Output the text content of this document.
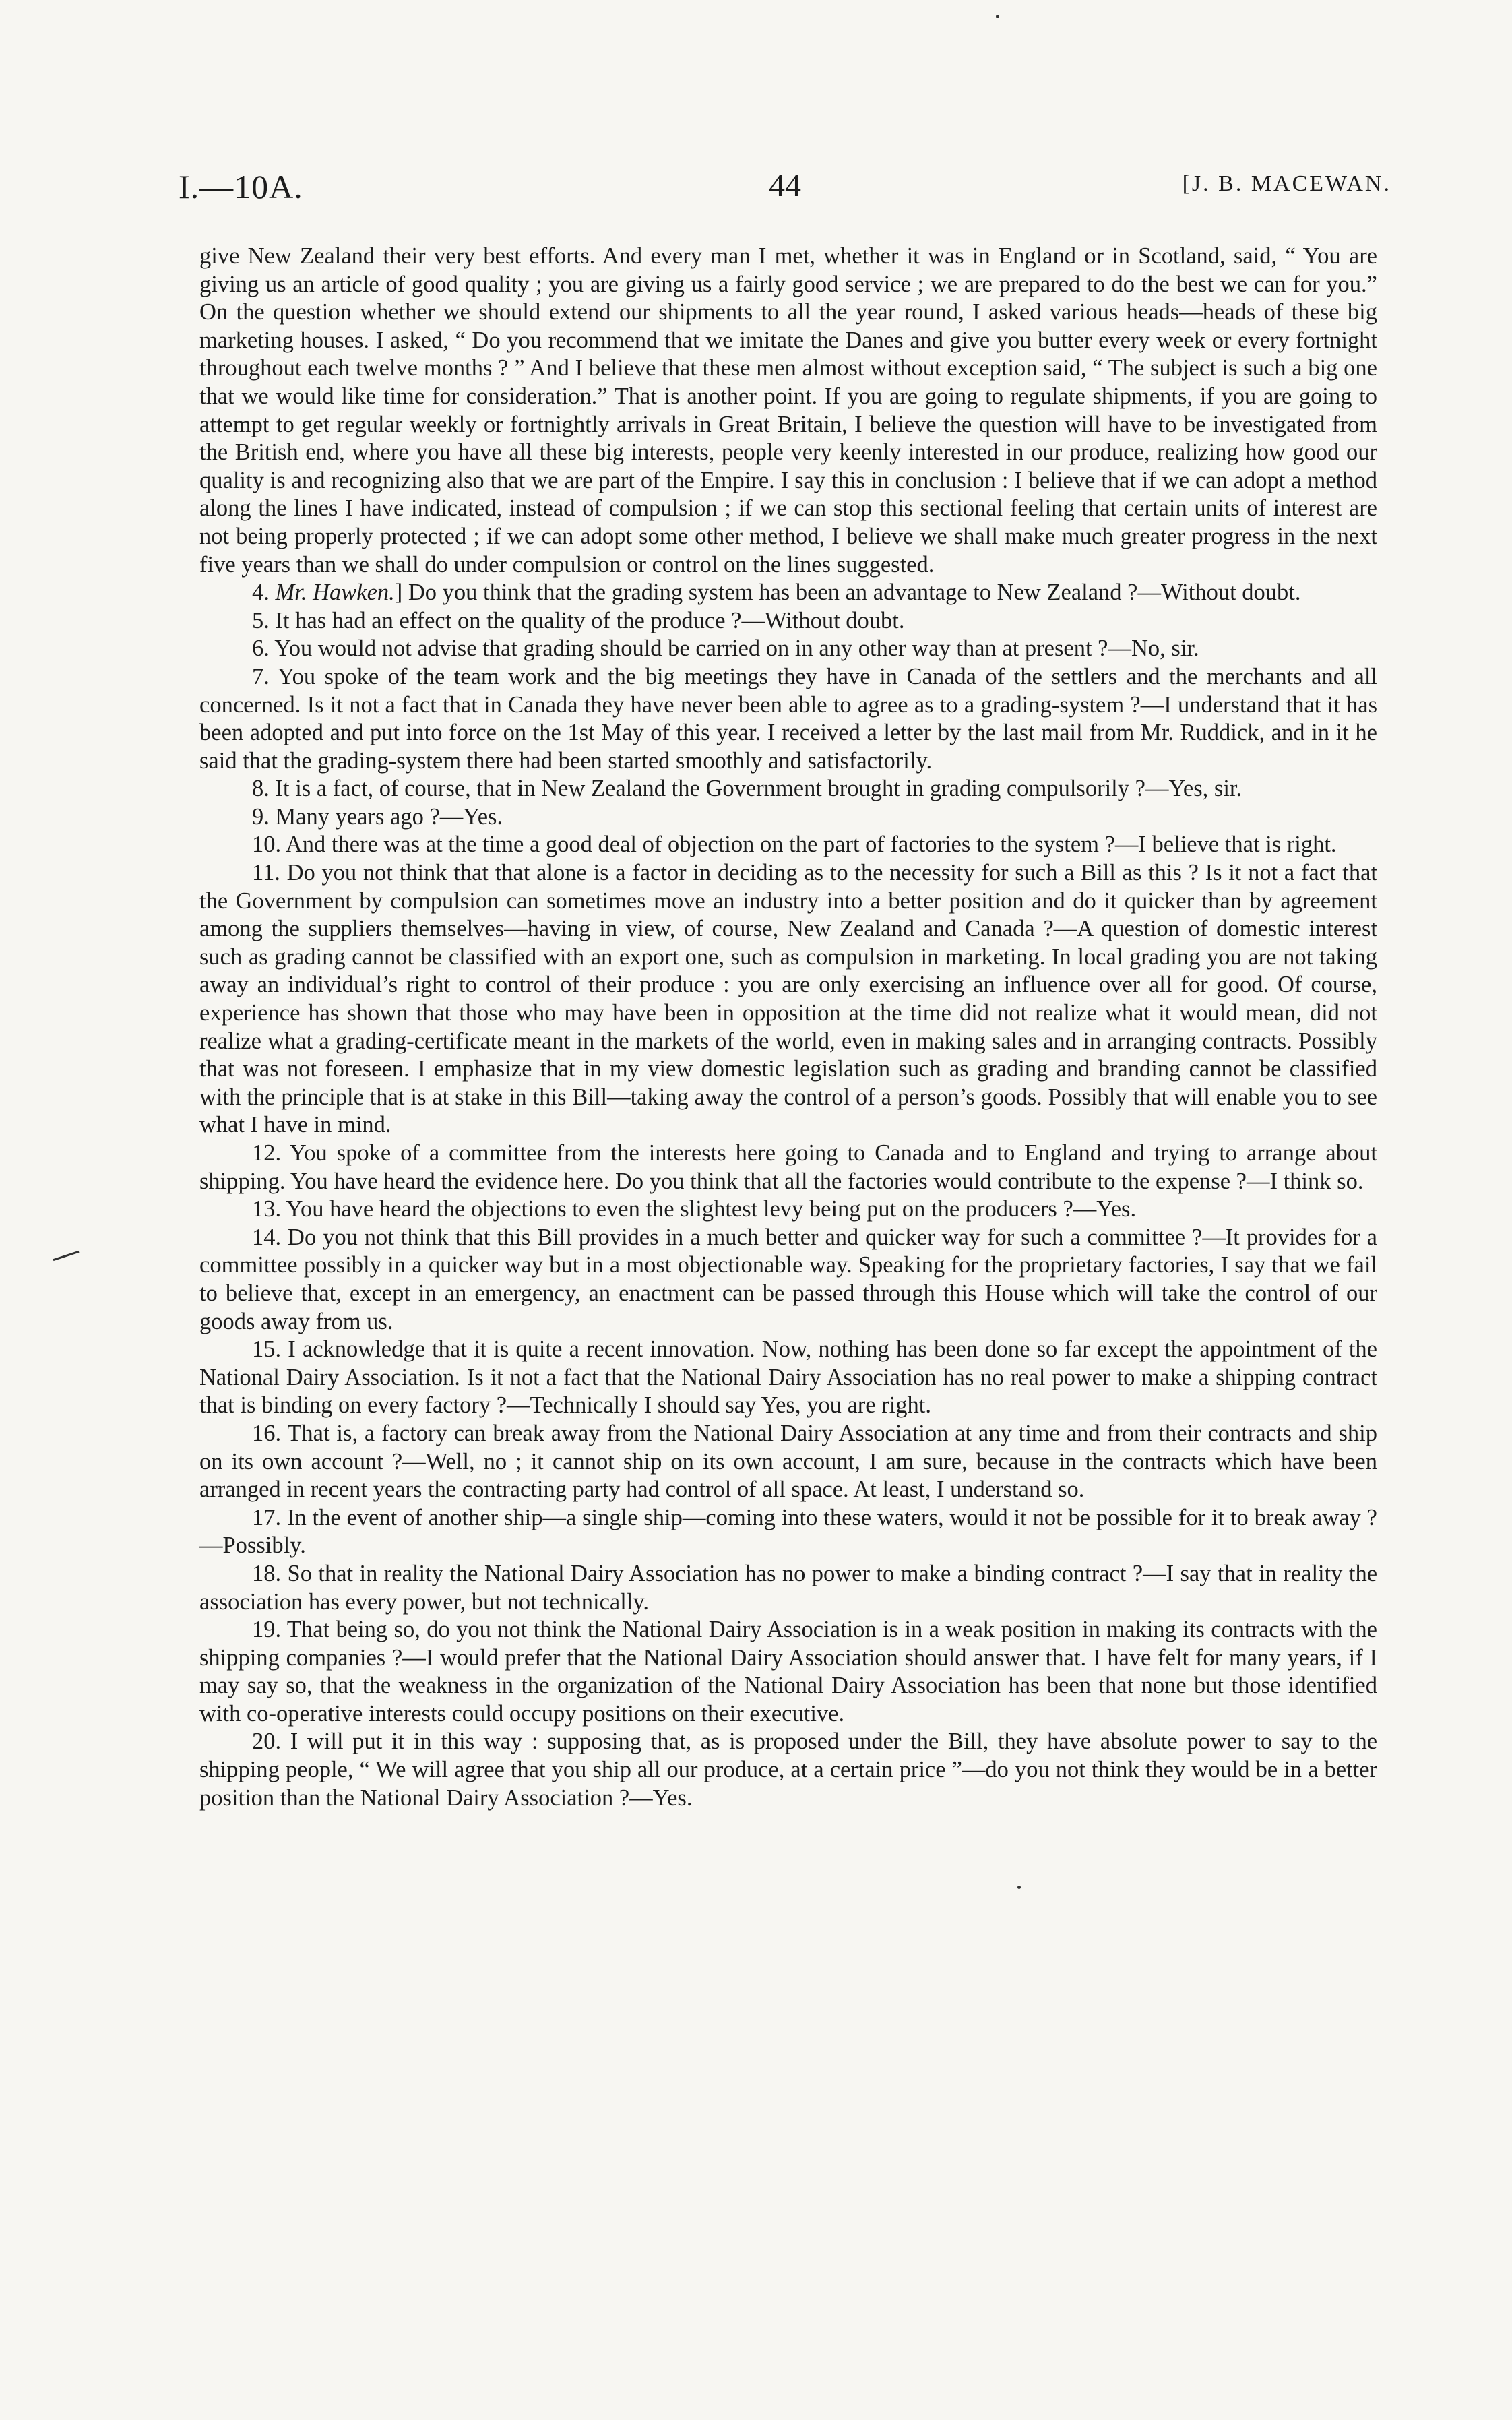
I.—10A.	44	[J. B. MACEWAN.

give New Zealand their very best efforts. And every man I met, whether it was in England or in Scotland, said, “ You are giving us an article of good quality ; you are giving us a fairly good service ; we are prepared to do the best we can for you.” On the question whether we should extend our shipments to all the year round, I asked various heads—heads of these big marketing houses. I asked, “ Do you recommend that we imitate the Danes and give you butter every week or every fortnight throughout each twelve months ? ” And I believe that these men almost without exception said, “ The subject is such a big one that we would like time for consideration.” That is another point. If you are going to regulate shipments, if you are going to attempt to get regular weekly or fortnightly arrivals in Great Britain, I believe the question will have to be investigated from the British end, where you have all these big interests, people very keenly interested in our produce, realizing how good our quality is and recognizing also that we are part of the Empire. I say this in conclusion : I believe that if we can adopt a method along the lines I have indicated, instead of compulsion ; if we can stop this sectional feeling that certain units of interest are not being properly protected ; if we can adopt some other method, I believe we shall make much greater progress in the next five years than we shall do under compulsion or control on the lines suggested.

4. Mr. Hawken.] Do you think that the grading system has been an advantage to New Zealand ?—Without doubt.

5. It has had an effect on the quality of the produce ?—Without doubt.

6. You would not advise that grading should be carried on in any other way than at present ?—No, sir.

7. You spoke of the team work and the big meetings they have in Canada of the settlers and the merchants and all concerned. Is it not a fact that in Canada they have never been able to agree as to a grading-system ?—I understand that it has been adopted and put into force on the 1st May of this year. I received a letter by the last mail from Mr. Ruddick, and in it he said that the grading-system there had been started smoothly and satisfactorily.

8. It is a fact, of course, that in New Zealand the Government brought in grading compulsorily ?—Yes, sir.

9. Many years ago ?—Yes.

10. And there was at the time a good deal of objection on the part of factories to the system ?—I believe that is right.

11. Do you not think that that alone is a factor in deciding as to the necessity for such a Bill as this ? Is it not a fact that the Government by compulsion can sometimes move an industry into a better position and do it quicker than by agreement among the suppliers themselves—having in view, of course, New Zealand and Canada ?—A question of domestic interest such as grading cannot be classified with an export one, such as compulsion in marketing. In local grading you are not taking away an individual’s right to control of their produce : you are only exercising an influence over all for good. Of course, experience has shown that those who may have been in opposition at the time did not realize what it would mean, did not realize what a grading-certificate meant in the markets of the world, even in making sales and in arranging contracts. Possibly that was not foreseen. I emphasize that in my view domestic legislation such as grading and branding cannot be classified with the principle that is at stake in this Bill—taking away the control of a person’s goods. Possibly that will enable you to see what I have in mind.

12. You spoke of a committee from the interests here going to Canada and to England and trying to arrange about shipping. You have heard the evidence here. Do you think that all the factories would contribute to the expense ?—I think so.

13. You have heard the objections to even the slightest levy being put on the producers ?—Yes.

14. Do you not think that this Bill provides in a much better and quicker way for such a committee ?—It provides for a committee possibly in a quicker way but in a most objectionable way. Speaking for the proprietary factories, I say that we fail to believe that, except in an emergency, an enactment can be passed through this House which will take the control of our goods away from us.

15. I acknowledge that it is quite a recent innovation. Now, nothing has been done so far except the appointment of the National Dairy Association. Is it not a fact that the National Dairy Association has no real power to make a shipping contract that is binding on every factory ?—Technically I should say Yes, you are right.

16. That is, a factory can break away from the National Dairy Association at any time and from their contracts and ship on its own account ?—Well, no ; it cannot ship on its own account, I am sure, because in the contracts which have been arranged in recent years the contracting party had control of all space. At least, I understand so.

17. In the event of another ship—a single ship—coming into these waters, would it not be possible for it to break away ?—Possibly.

18. So that in reality the National Dairy Association has no power to make a binding contract ?—I say that in reality the association has every power, but not technically.

19. That being so, do you not think the National Dairy Association is in a weak position in making its contracts with the shipping companies ?—I would prefer that the National Dairy Association should answer that. I have felt for many years, if I may say so, that the weakness in the organization of the National Dairy Association has been that none but those identified with co-operative interests could occupy positions on their executive.

20. I will put it in this way : supposing that, as is proposed under the Bill, they have absolute power to say to the shipping people, “ We will agree that you ship all our produce, at a certain price ”—do you not think they would be in a better position than the National Dairy Association ?—Yes.
